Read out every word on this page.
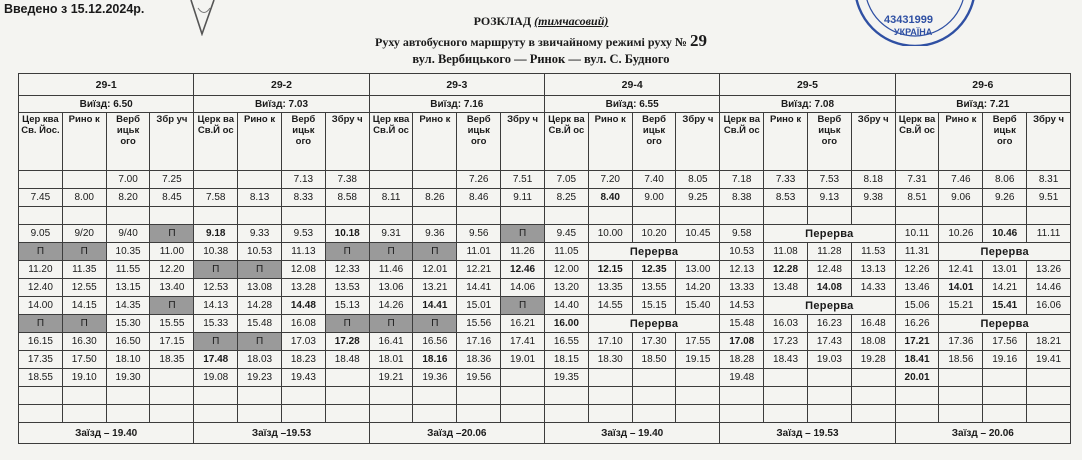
Введено з 15.12.2024р.
43431999
УКРАЇНА
РОЗКЛАД (тимчасовий)
Руху автобусного маршруту в звичайному режимі руху № 29
вул. Вербицького — Ринок — вул. С. Будного
29-1				29-2				29-3				29-4				29-5				29-6			
Виїзд: 6.50				Виїзд: 7.03				Виїзд: 7.16				Виїзд: 6.55				Виїзд: 7.08				Виїзд: 7.21			
Цер ква Св. Йос.	Рино к	Верб ицьк ого	Збр уч	Церк ва Св.Й ос	Рино к	Верб ицьк ого	Збру ч	Цер ква Св.Й ос	Рино к	Верб ицьк ого	Збру ч	Церк ва Св.Й ос	Рино к	Верб ицьк ого	Збру ч	Церк ва Св.Й ос	Рино к	Верб ицьк ого	Збру ч	Церк ва Св.Й ос	Рино к	Верб ицьк ого	Збру ч
		7.00	7.25			7.13	7.38			7.26	7.51	7.05	7.20	7.40	8.05	7.18	7.33	7.53	8.18	7.31	7.46	8.06	8.31
7.45	8.00	8.20	8.45	7.58	8.13	8.33	8.58	8.11	8.26	8.46	9.11	8.25	8.40	9.00	9.25	8.38	8.53	9.13	9.38	8.51	9.06	9.26	9.51

9.05	9/20	9/40	П	9.18	9.33	9.53	10.18	9.31	9.36	9.56	П	9.45	10.00	10.20	10.45	9.58	Перерва			10.11	10.26	10.46	11.11
П	П	10.35	11.00	10.38	10.53	11.13	П	П	П	11.01	11.26	11.05	Перерва			10.53	11.08	11.28	11.53	11.31	Перерва		
11.20	11.35	11.55	12.20	П	П	12.08	12.33	11.46	12.01	12.21	12.46	12.00	12.15	12.35	13.00	12.13	12.28	12.48	13.13	12.26	12.41	13.01	13.26
12.40	12.55	13.15	13.40	12.53	13.08	13.28	13.53	13.06	13.21	14.41	14.06	13.20	13.35	13.55	14.20	13.33	13.48	14.08	14.33	13.46	14.01	14.21	14.46
14.00	14.15	14.35	П	14.13	14.28	14.48	15.13	14.26	14.41	15.01	П	14.40	14.55	15.15	15.40	14.53	Перерва			15.06	15.21	15.41	16.06
П	П	15.30	15.55	15.33	15.48	16.08	П	П	П	15.56	16.21	16.00	Перерва			15.48	16.03	16.23	16.48	16.26	Перерва		
16.15	16.30	16.50	17.15	П	П	17.03	17.28	16.41	16.56	17.16	17.41	16.55	17.10	17.30	17.55	17.08	17.23	17.43	18.08	17.21	17.36	17.56	18.21
17.35	17.50	18.10	18.35	17.48	18.03	18.23	18.48	18.01	18.16	18.36	19.01	18.15	18.30	18.50	19.15	18.28	18.43	19.03	19.28	18.41	18.56	19.16	19.41
18.55	19.10	19.30		19.08	19.23	19.43		19.21	19.36	19.56		19.35				19.48				20.01			

Заїзд – 19.40				Заїзд –19.53				Заїзд –20.06				Заїзд – 19.40				Заїзд – 19.53				Заїзд – 20.06			
